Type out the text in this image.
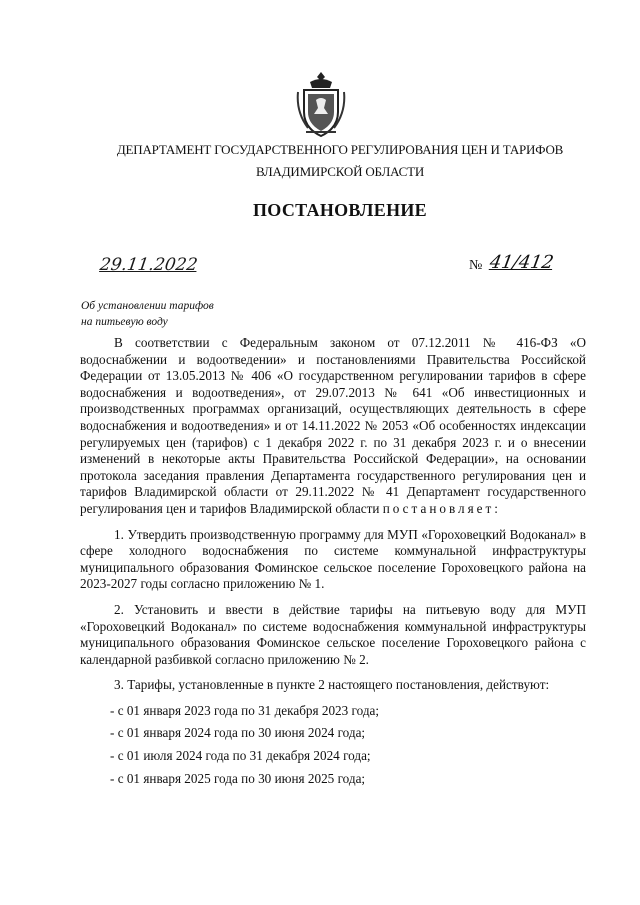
ДЕПАРТАМЕНТ ГОСУДАРСТВЕННОГО РЕГУЛИРОВАНИЯ ЦЕН И ТАРИФОВ
ВЛАДИМИРСКОЙ ОБЛАСТИ
ПОСТАНОВЛЕНИЕ
29.11.2022	№ 41/412
Об установлении тарифов
на питьевую воду

В соответствии с Федеральным законом от 07.12.2011 № 416-ФЗ «О водоснабжении и водоотведении» и постановлениями Правительства Российской Федерации от 13.05.2013 № 406 «О государственном регулировании тарифов в сфере водоснабжения и водоотведения», от 29.07.2013 № 641 «Об инвестиционных и производственных программах организаций, осуществляющих деятельность в сфере водоснабжения и водоотведения» и от 14.11.2022 № 2053 «Об особенностях индексации регулируемых цен (тарифов) с 1 декабря 2022 г. по 31 декабря 2023 г. и о внесении изменений в некоторые акты Правительства Российской Федерации», на основании протокола заседания правления Департамента государственного регулирования цен и тарифов Владимирской области от 29.11.2022 № 41 Департамент государственного регулирования цен и тарифов Владимирской области постановляет:

1. Утвердить производственную программу для МУП «Гороховецкий Водоканал» в сфере холодного водоснабжения по системе коммунальной инфраструктуры муниципального образования Фоминское сельское поселение Гороховецкого района на 2023-2027 годы согласно приложению № 1.

2. Установить и ввести в действие тарифы на питьевую воду для МУП «Гороховецкий Водоканал» по системе водоснабжения коммунальной инфраструктуры муниципального образования Фоминское сельское поселение Гороховецкого района с календарной разбивкой согласно приложению № 2.

3. Тарифы, установленные в пункте 2 настоящего постановления, действуют:

- с 01 января 2023 года по 31 декабря 2023 года;
- с 01 января 2024 года по 30 июня 2024 года;
- с 01 июля 2024 года по 31 декабря 2024 года;
- с 01 января 2025 года по 30 июня 2025 года;
